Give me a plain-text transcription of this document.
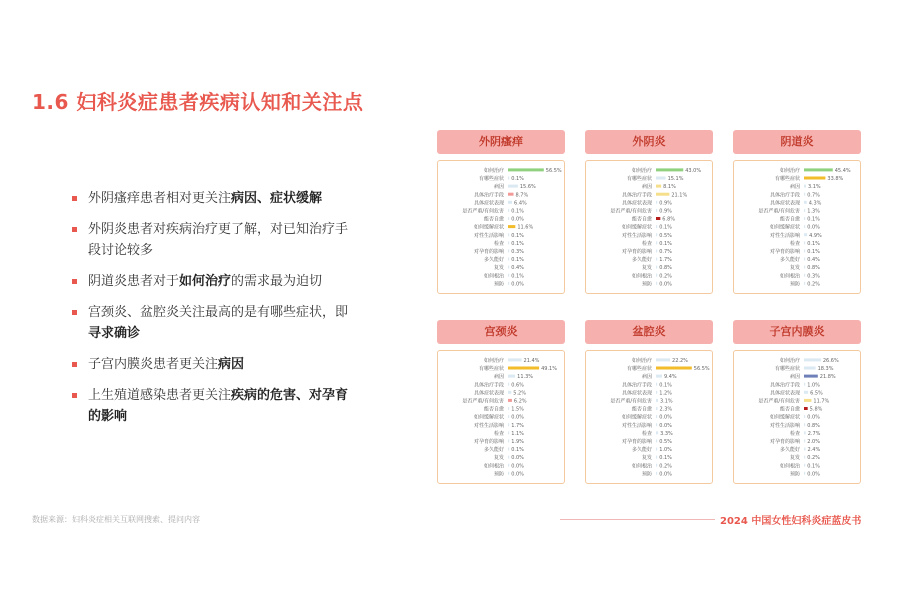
1.6 妇科炎症患者疾病认知和关注点
外阴瘙痒患者相对更关注病因、症状缓解
外阴炎患者对疾病治疗更了解，对已知治疗手段讨论较多
阴道炎患者对于如何治疗的需求最为迫切
宫颈炎、盆腔炎关注最高的是有哪些症状，即寻求确诊
子宫内膜炎患者更关注病因
上生殖道感染患者更关注疾病的危害、对孕育的影响
外阴瘙痒
如何治疗	56.5%
有哪些症状 0.1%
病因	15.6%
具体治疗手段 8.7%
具体症状表现 6.4%
是否严重/有何危害 0.1%
能否自愈 0.0%
如何缓解症状	11.6%
对性生活影响 0.1%
检查 0.1%
对孕育的影响 0.3%
多久能好 0.1%
复发 0.4%
如何根治 0.1%
预防 0.0%
外阴炎
如何治疗	43.0%
有哪些症状	15.1%
病因 8.1%
具体治疗手段	21.1%
具体症状表现 0.9%
是否严重/有何危害 0.9%
能否自愈 6.8%
如何缓解症状 0.1%
对性生活影响 0.5%
检查 0.1%
对孕育的影响 0.7%
多久能好 1.7%
复发 0.8%
如何根治 0.2%
预防 0.0%
阴道炎
如何治疗	45.4%
有哪些症状	33.8%
病因 3.1%
具体治疗手段 0.7%
具体症状表现 4.3%
是否严重/有何危害 1.3%
能否自愈 0.1%
如何缓解症状 0.0%
对性生活影响 4.9%
检查 0.1%
对孕育的影响 0.1%
多久能好 0.4%
复发 0.8%
如何根治 0.3%
预防 0.2%
宫颈炎
如何治疗	21.4%
有哪些症状	49.1%
病因	11.3%
具体治疗手段 0.6%
具体症状表现 5.2%
是否严重/有何危害 6.2%
能否自愈 1.5%
如何缓解症状 0.0%
对性生活影响 1.7%
检查 1.1%
对孕育的影响 1.9%
多久能好 0.1%
复发 0.0%
如何根治 0.0%
预防 0.0%
盆腔炎
如何治疗	22.2%
有哪些症状	56.5%
病因 9.4%
具体治疗手段 0.1%
具体症状表现 1.2%
是否严重/有何危害 3.1%
能否自愈 2.3%
如何缓解症状 0.0%
对性生活影响 0.0%
检查 3.3%
对孕育的影响 0.5%
多久能好 1.0%
复发 0.1%
如何根治 0.2%
预防 0.0%
子宫内膜炎
如何治疗	26.6%
有哪些症状	18.3%
病因	21.8%
具体治疗手段 1.0%
具体症状表现 6.5%
是否严重/有何危害	11.7%
能否自愈 5.8%
如何缓解症状 0.0%
对性生活影响 0.8%
检查 2.7%
对孕育的影响 2.0%
多久能好 2.4%
复发 0.2%
如何根治 0.1%
预防 0.0%
数据来源：妇科炎症相关互联网搜索、提问内容	2024 中国女性妇科炎症蓝皮书
